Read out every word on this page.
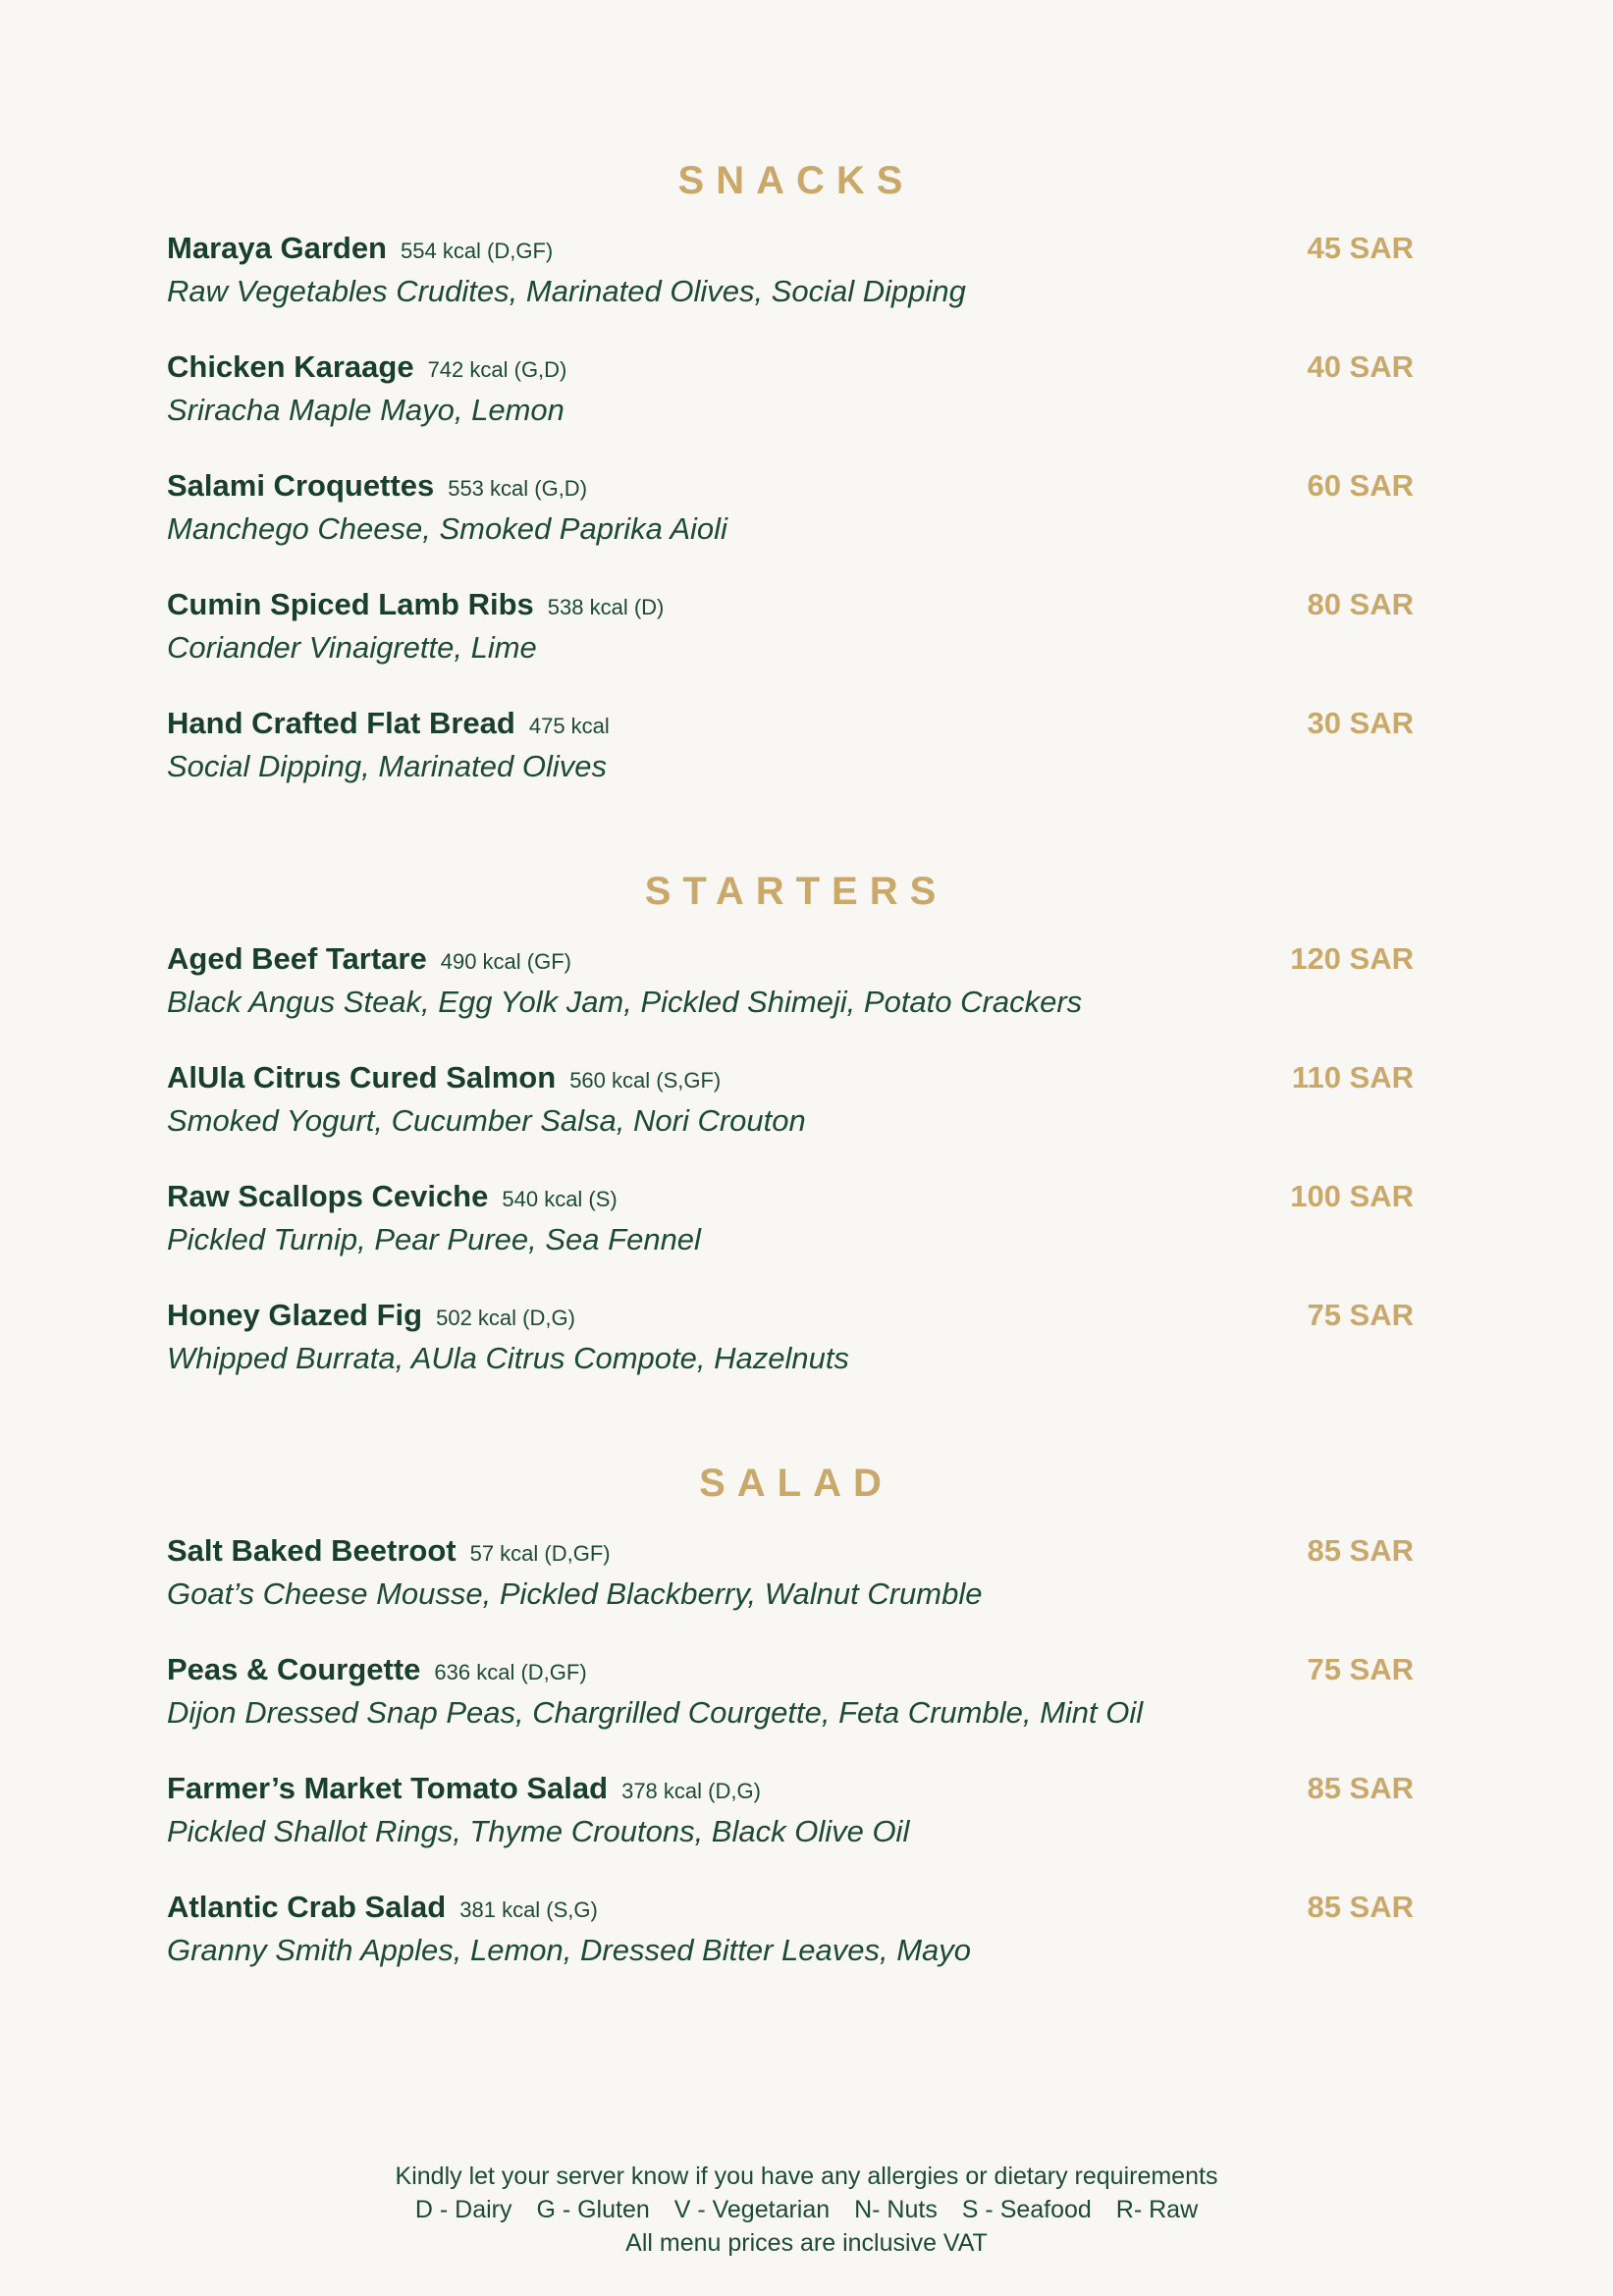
SNACKS
Maraya Garden 554 kcal (D,GF)	45 SAR
Raw Vegetables Crudites, Marinated Olives, Social Dipping
Chicken Karaage 742 kcal (G,D)	40 SAR
Sriracha Maple Mayo, Lemon
Salami Croquettes 553 kcal (G,D)	60 SAR
Manchego Cheese, Smoked Paprika Aioli
Cumin Spiced Lamb Ribs 538 kcal (D)	80 SAR
Coriander Vinaigrette, Lime
Hand Crafted Flat Bread 475 kcal	30 SAR
Social Dipping, Marinated Olives
STARTERS
Aged Beef Tartare 490 kcal (GF)	120 SAR
Black Angus Steak, Egg Yolk Jam, Pickled Shimeji, Potato Crackers
AlUla Citrus Cured Salmon 560 kcal (S,GF)	110 SAR
Smoked Yogurt, Cucumber Salsa, Nori Crouton
Raw Scallops Ceviche 540 kcal (S)	100 SAR
Pickled Turnip, Pear Puree, Sea Fennel
Honey Glazed Fig 502 kcal (D,G)	75 SAR
Whipped Burrata, AUla Citrus Compote, Hazelnuts
SALAD
Salt Baked Beetroot 57 kcal (D,GF)	85 SAR
Goat’s Cheese Mousse, Pickled Blackberry, Walnut Crumble
Peas & Courgette 636 kcal (D,GF)	75 SAR
Dijon Dressed Snap Peas, Chargrilled Courgette, Feta Crumble, Mint Oil
Farmer’s Market Tomato Salad 378 kcal (D,G)	85 SAR
Pickled Shallot Rings, Thyme Croutons, Black Olive Oil
Atlantic Crab Salad 381 kcal (S,G)	85 SAR
Granny Smith Apples, Lemon, Dressed Bitter Leaves, Mayo
Kindly let your server know if you have any allergies or dietary requirements
D - Dairy G - Gluten V - Vegetarian N- Nuts S - Seafood R- Raw
All menu prices are inclusive VAT
